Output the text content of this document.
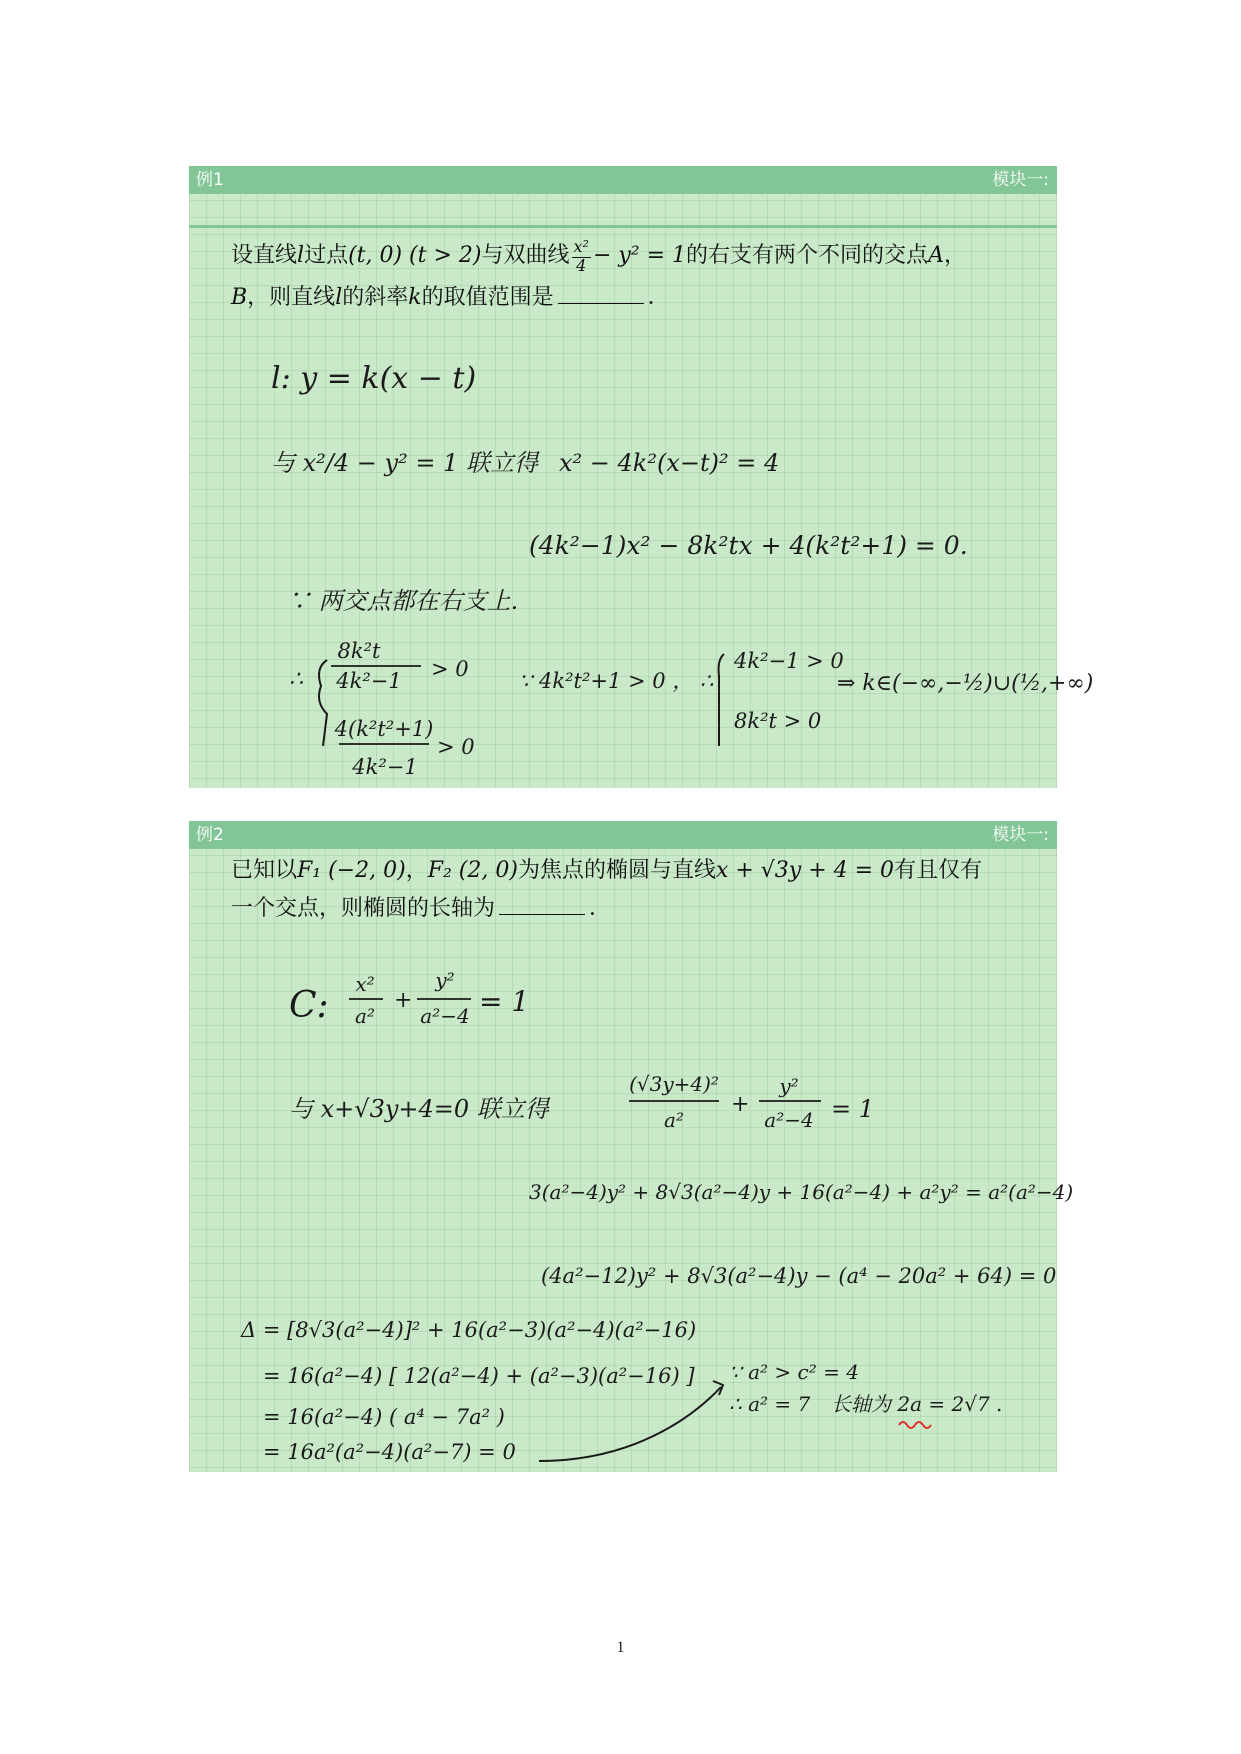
例1	模块一:
设直线l过点(t, 0) (t > 2)与双曲线 $\frac{\text{x²}}{4} - y^2 = 1$的右支有两个不同的交点A，
B，则直线l的斜率k的取值范围是	．
l: y = k(x − t)
与 x²/4 − y² = 1 联立得 x² − 4k²(x−t)² = 4
(4k²−1)x² − 8k²tx + 4(k²t²+1) = 0.
∵ 两交点都在右支上.
∴
8k²t
4k²−1 > 0
4(k²t²+1)
4k²−1
> 0
∵ 4k²t²+1 > 0 ， ∴
4k²−1 > 0
8k²t > 0
⇒ k∈(−∞,−½)∪(½,+∞)
例2	模块一:
已知以F₁ (−2, 0)，F₂ (2, 0)为焦点的椭圆与直线x + √3y + 4 = 0有且仅有
一个交点，则椭圆的长轴为	．
C:
x²
a²
+
y²
a²−4 = 1
与 x+√3y+4=0 联立得
(√3y+4)²
a²
+
y²
a²−4 = 1
3(a²−4)y² + 8√3(a²−4)y + 16(a²−4) + a²y² = a²(a²−4)
(4a²−12)y² + 8√3(a²−4)y − (a⁴ − 20a² + 64) = 0
Δ = [8√3(a²−4)]² + 16(a²−3)(a²−4)(a²−16)
= 16(a²−4) [ 12(a²−4) + (a²−3)(a²−16) ]
= 16(a²−4) ( a⁴ − 7a² )
= 16a²(a²−4)(a²−7) = 0
∵ a² > c² = 4
∴ a² = 7 长轴为 2a = 2√7 .
1
